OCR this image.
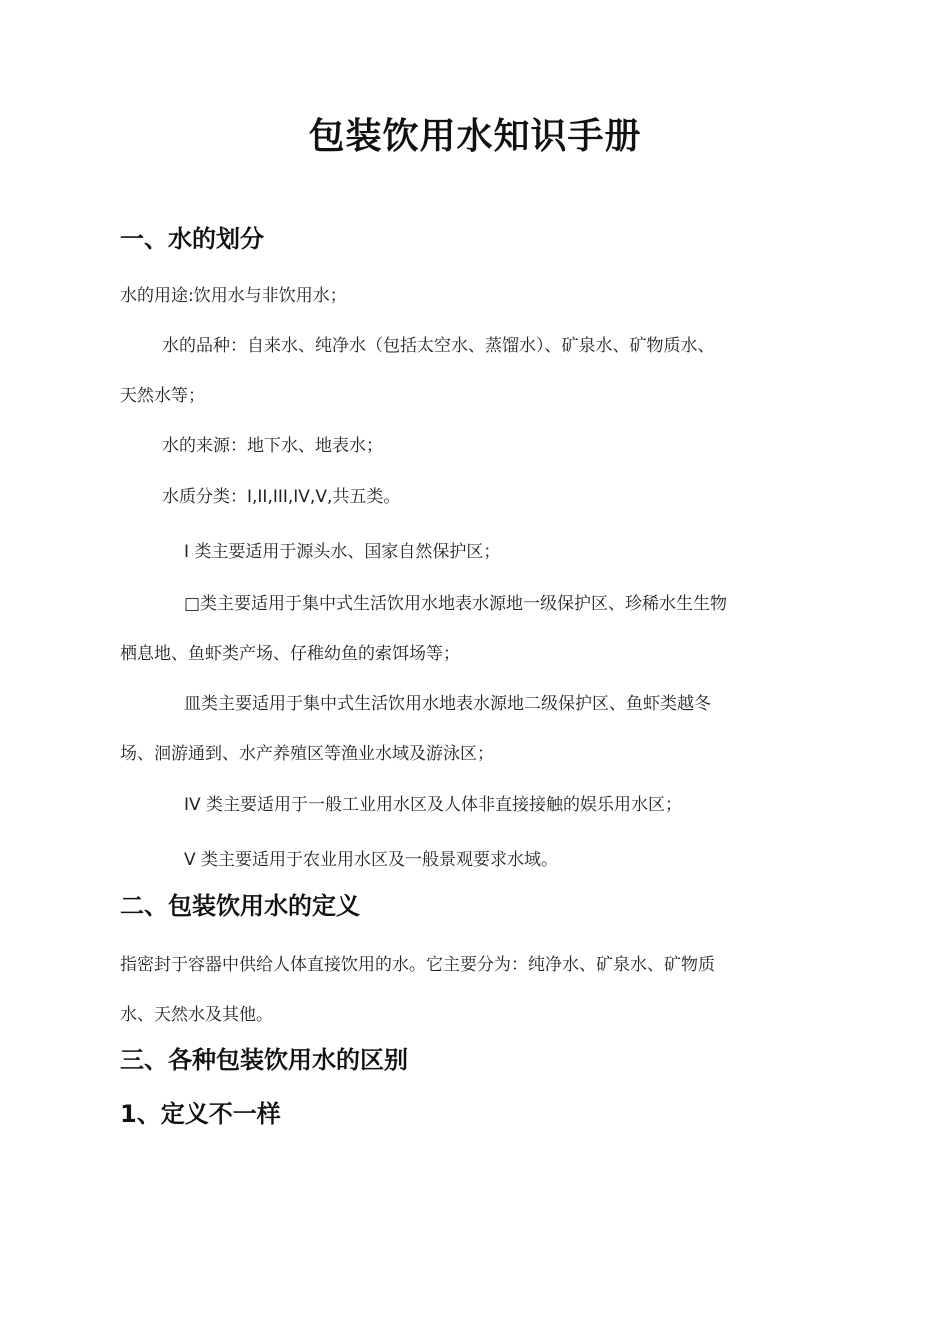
包装饮用水知识手册
一、水的划分

水的用途:饮用水与非饮用水；

水的品种：自来水、纯净水（包括太空水、蒸馏水）、矿泉水、矿物质水、

天然水等；

水的来源：地下水、地表水；

水质分类：I,II,III,IV,V,共五类。

I 类主要适用于源头水、国家自然保护区；

□类主要适用于集中式生活饮用水地表水源地一级保护区、珍稀水生生物

栖息地、鱼虾类产场、仔稚幼鱼的索饵场等；

皿类主要适用于集中式生活饮用水地表水源地二级保护区、鱼虾类越冬

场、洄游通到、水产养殖区等渔业水域及游泳区；

IV 类主要适用于一般工业用水区及人体非直接接触的娱乐用水区；

V 类主要适用于农业用水区及一般景观要求水域。

二、包装饮用水的定义

指密封于容器中供给人体直接饮用的水。它主要分为：纯净水、矿泉水、矿物质

水、天然水及其他。

三、各种包装饮用水的区别
1、定义不一样
